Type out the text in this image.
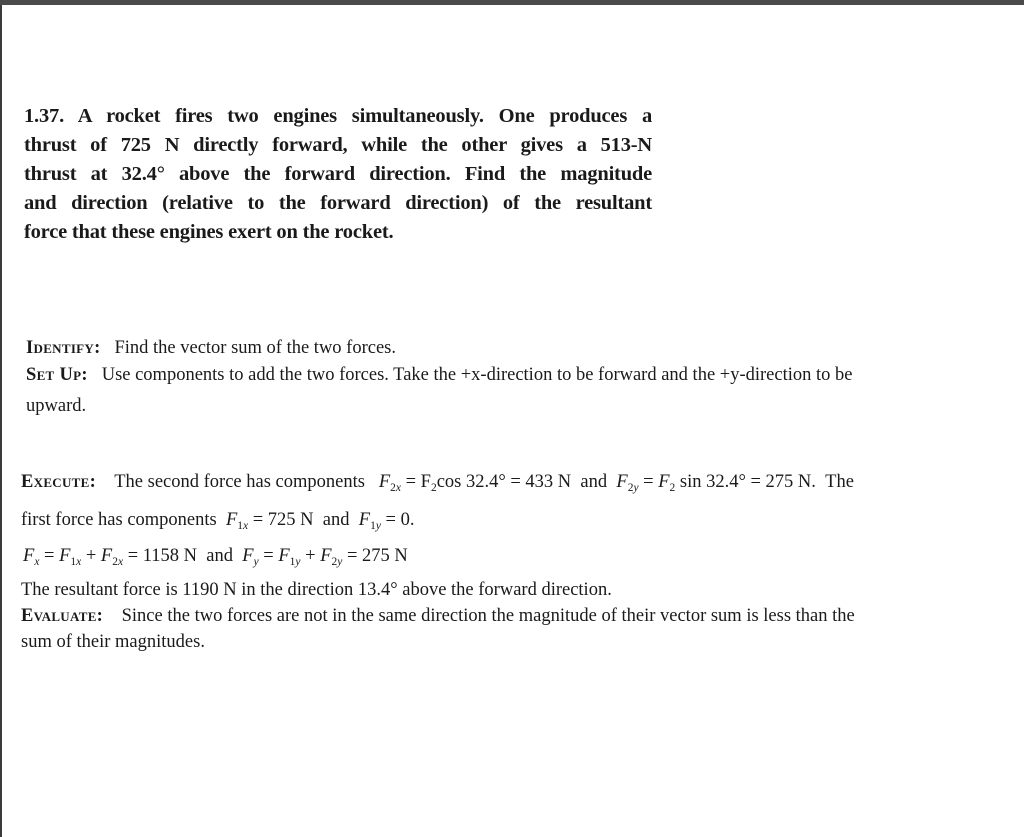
1.37. A rocket fires two engines simultaneously. One produces a
thrust of 725 N directly forward, while the other gives a 513-N
thrust at 32.4° above the forward direction. Find the magnitude
and direction (relative to the forward direction) of the resultant
force that these engines exert on the rocket.
Identify: Find the vector sum of the two forces.
Set Up: Use components to add the two forces. Take the +x-direction to be forward and the +y-direction to be
upward.
Execute: The second force has components $F_{2x} = F_2\cos$ 32.4° = 433 N and $F_{2y} = F_2$ sin 32.4° = 275 N. The
first force has components $F_{1x} = 725$ N and $F_{1y} = 0$.
$F_x = F_{1x} + F_{2x} = 1158$ N and $F_y = F_{1y} + F_{2y} = 275$ N
The resultant force is 1190 N in the direction 13.4° above the forward direction.
Evaluate: Since the two forces are not in the same direction the magnitude of their vector sum is less than the
sum of their magnitudes.
